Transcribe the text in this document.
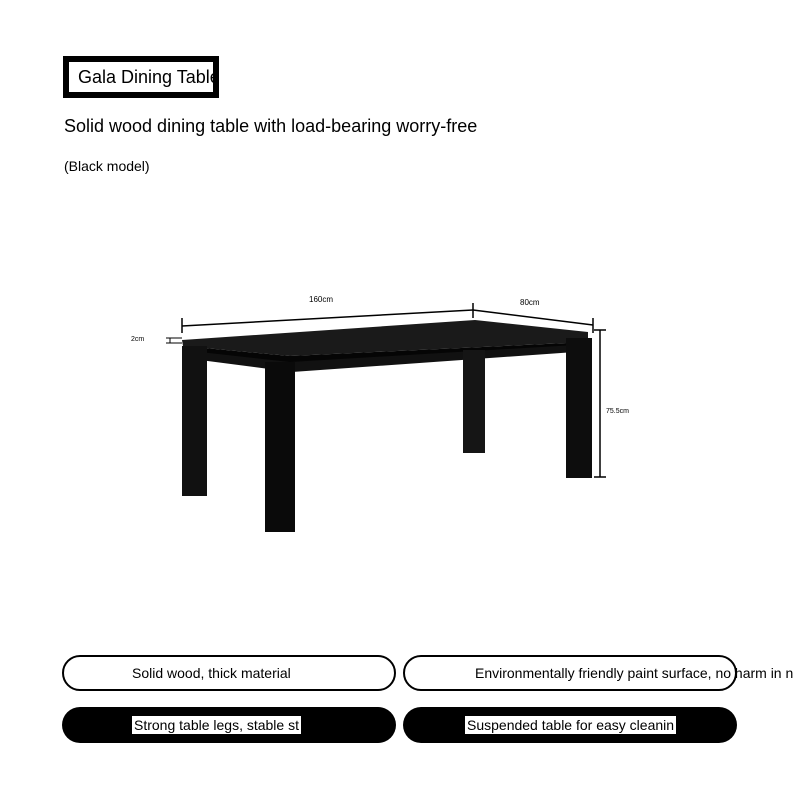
Gala Dining Table
Solid wood dining table with load-bearing worry-free
(Black model)
160cm	80cm
75.5cm
2cm
Solid wood, thick material	Environmentally friendly paint surface, no harm in n
Strong table legs, stable st	Suspended table for easy cleanin
